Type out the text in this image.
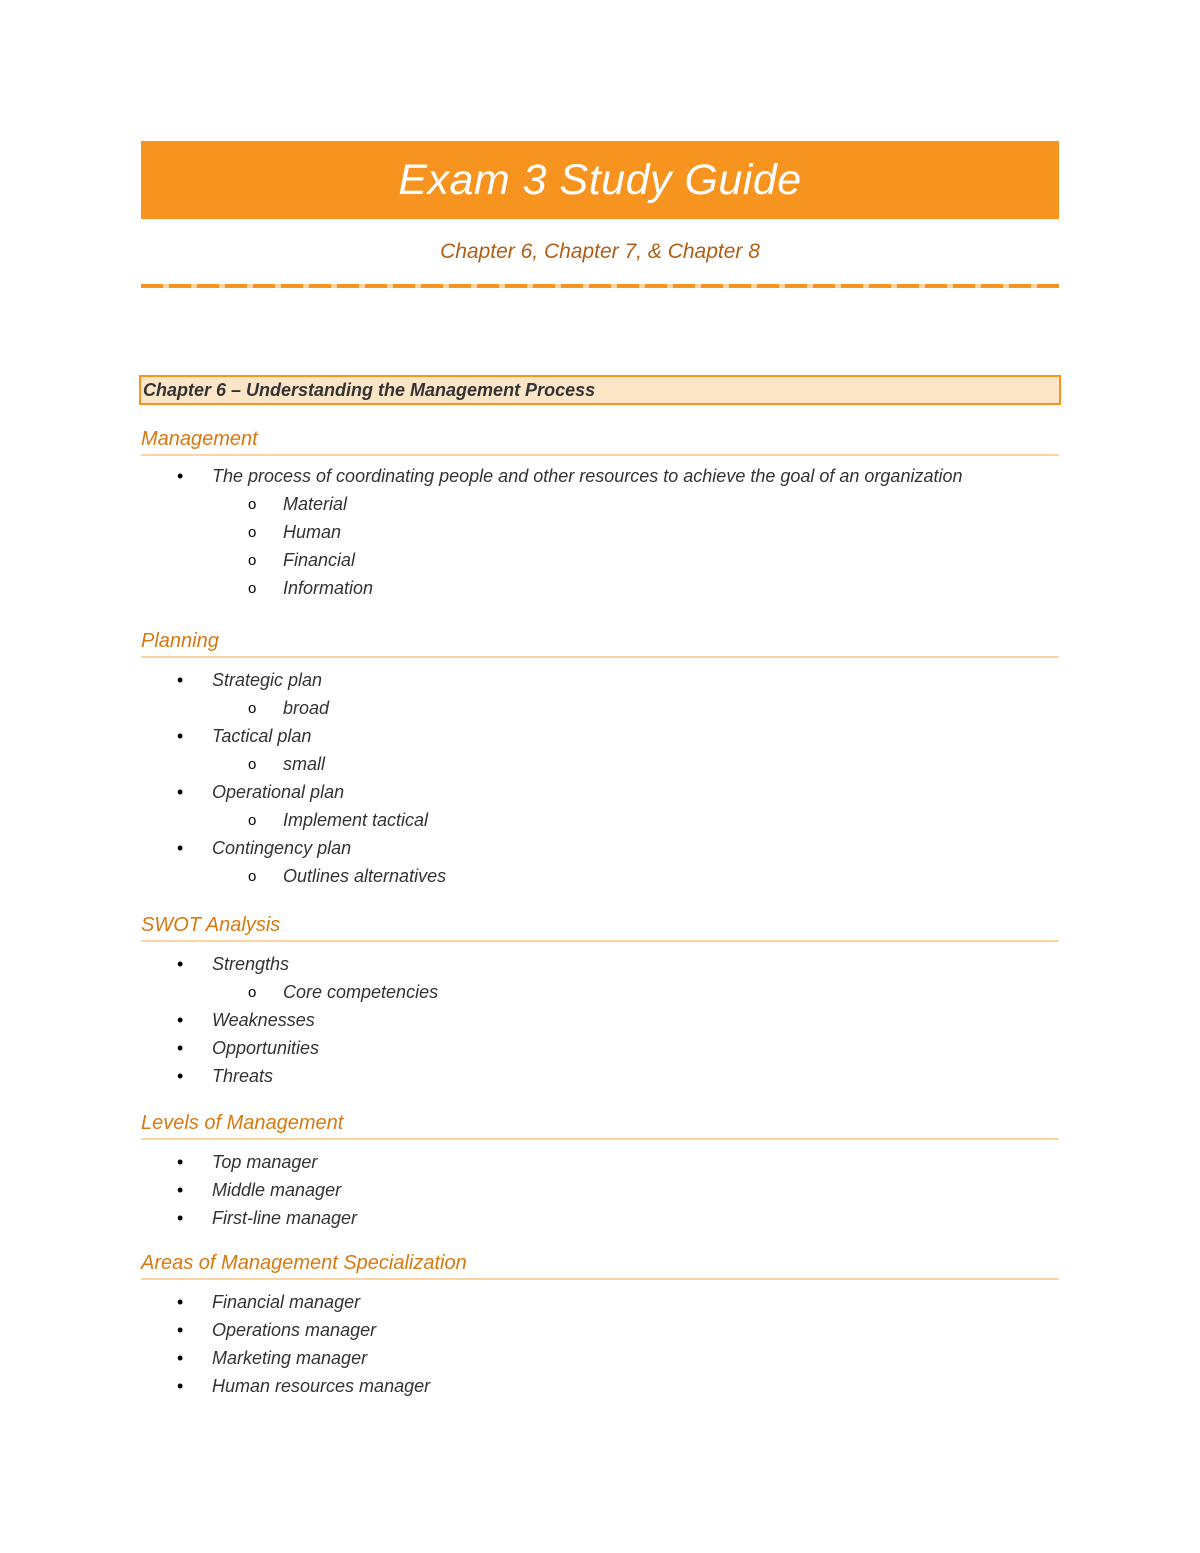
Exam 3 Study Guide
Chapter 6, Chapter 7, & Chapter 8
Chapter 6 – Understanding the Management Process
Management
• The process of coordinating people and other resources to achieve the goal of an organization
o Material
o Human
o Financial
o Information
Planning
• Strategic plan
o broad
• Tactical plan
o small
• Operational plan
o Implement tactical
• Contingency plan
o Outlines alternatives
SWOT Analysis
• Strengths
o Core competencies
• Weaknesses
• Opportunities
• Threats
Levels of Management
• Top manager
• Middle manager
• First-line manager
Areas of Management Specialization
• Financial manager
• Operations manager
• Marketing manager
• Human resources manager
